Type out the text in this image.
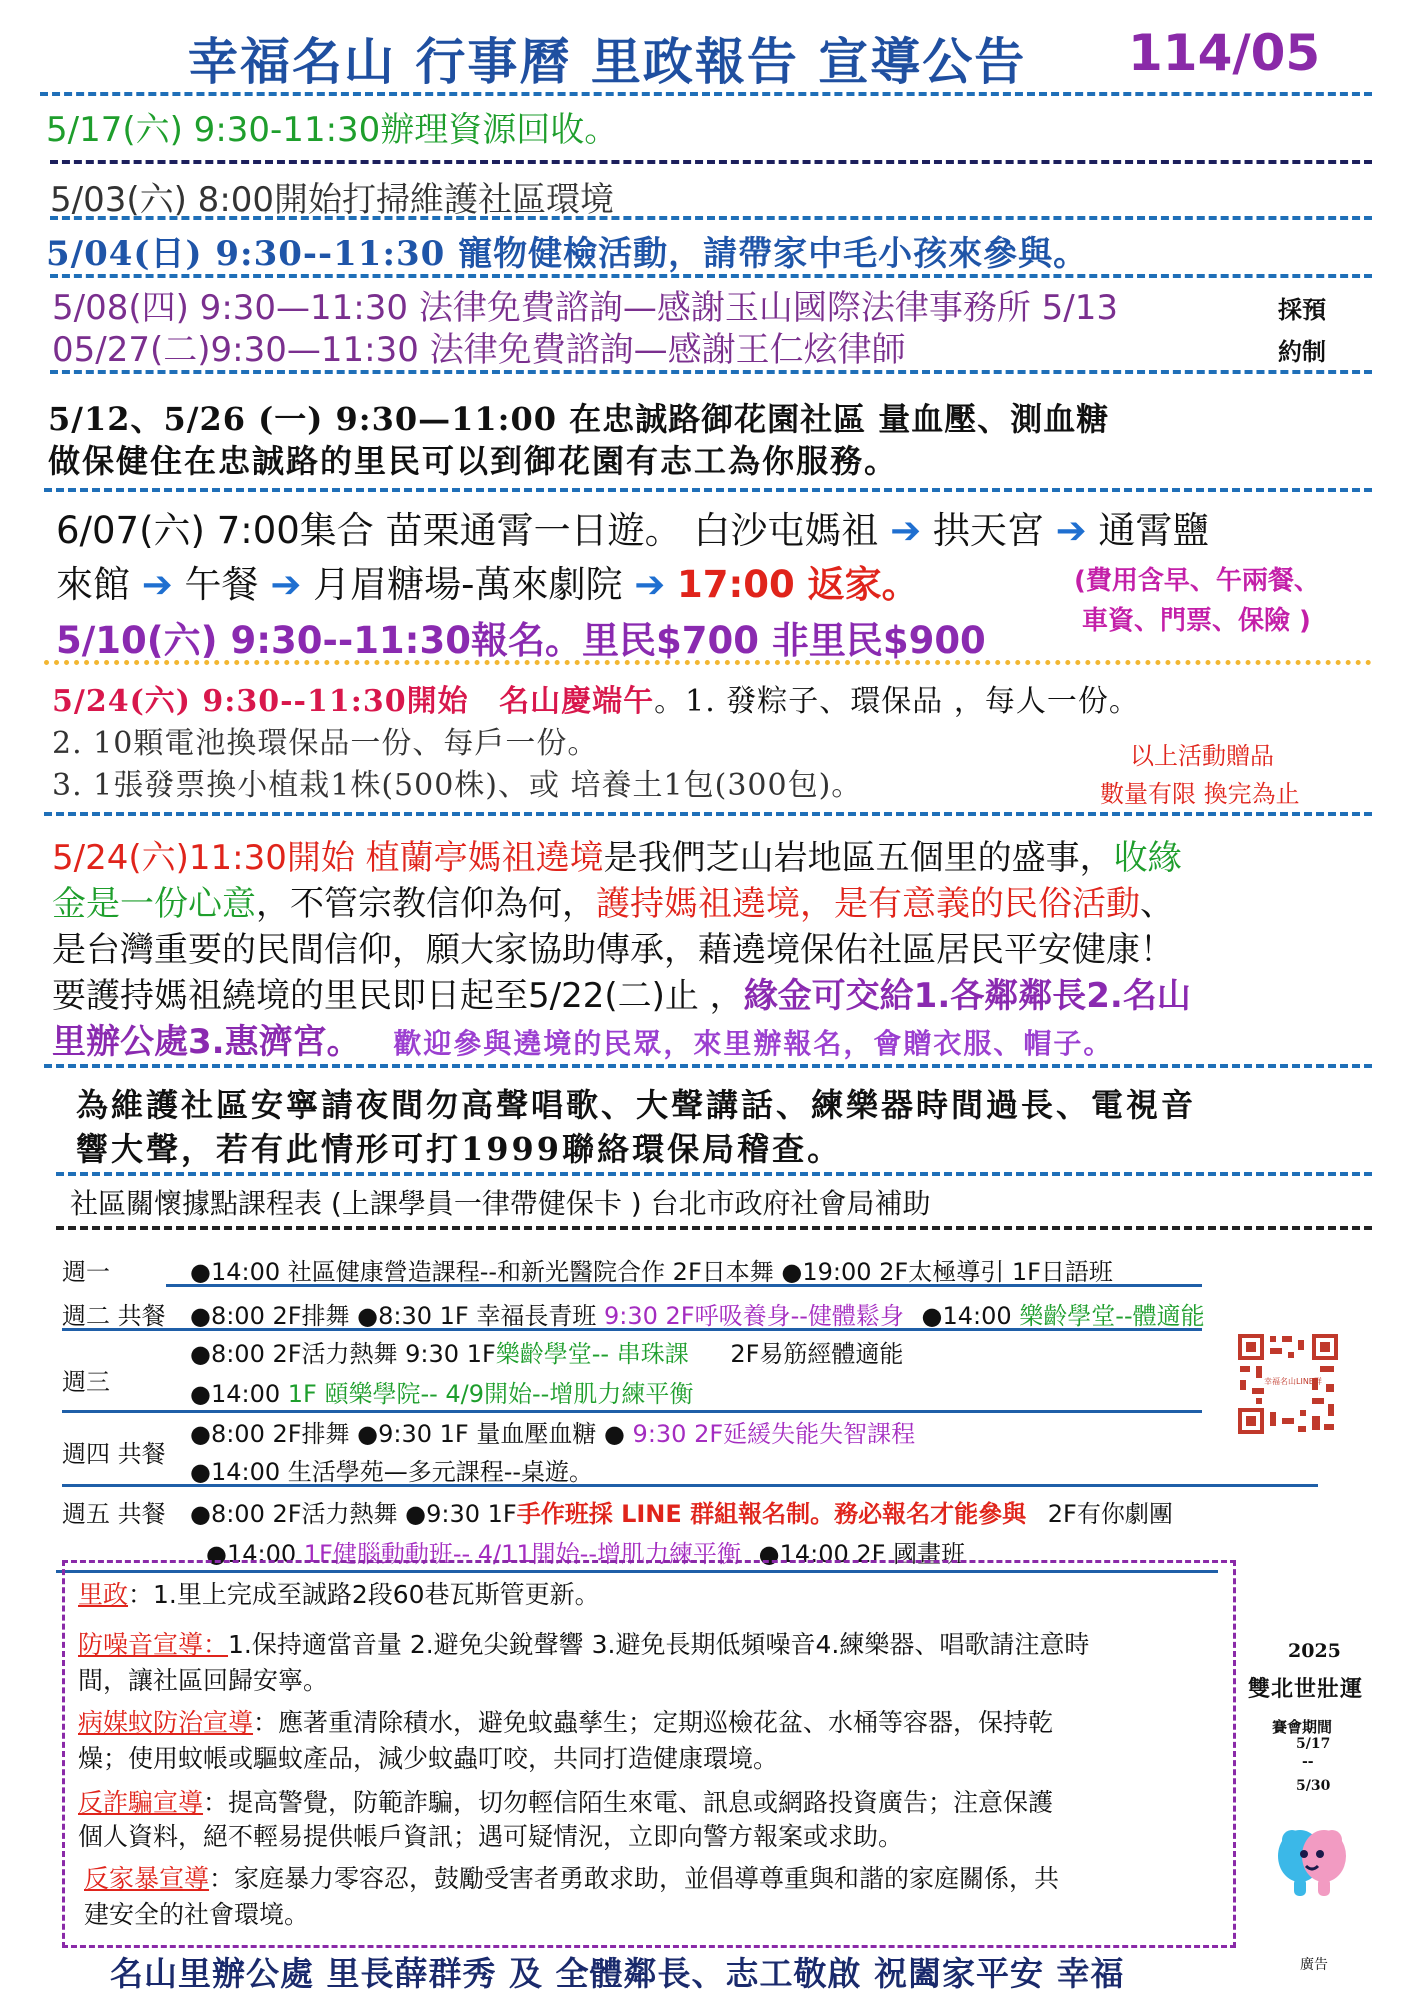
幸福名山 行事曆 里政報告 宣導公告 114/05
5/17(六) 9:30-11:30辦理資源回收。
5/03(六) 8:00開始打掃維護社區環境
5/04(日) 9:30--11:30 寵物健檢活動，請帶家中毛小孩來參與。
5/08(四) 9:30—11:30 法律免費諮詢—感謝玉山國際法律事務所 5/13
05/27(二)9:30—11:30 法律免費諮詢—感謝王仁炫律師
採預
約制
5/12、5/26 (一) 9:30—11:00 在忠誠路御花園社區 量血壓、測血糖
做保健住在忠誠路的里民可以到御花園有志工為你服務。
6/07(六) 7:00集合 苗栗通霄一日遊。 白沙屯媽祖 ➔ 拱天宮 ➔ 通霄鹽
來館 ➔ 午餐 ➔ 月眉糖場-萬來劇院 ➔ 17:00 返家。	(費用含早、午兩餐、
車資、門票、保險 )
5/10(六) 9:30--11:30報名。里民$700 非里民$900
5/24(六) 9:30--11:30開始 名山慶端午。1. 發粽子、環保品 ，每人一份。
2. 10顆電池換環保品一份、每戶一份。
3. 1張發票換小植栽1株(500株)、或 培養土1包(300包)。
以上活動贈品
數量有限 換完為止
5/24(六)11:30開始 植蘭亭媽祖遶境是我們芝山岩地區五個里的盛事，收緣
金是一份心意，不管宗教信仰為何，護持媽祖遶境，是有意義的民俗活動、
是台灣重要的民間信仰，願大家協助傳承，藉遶境保佑社區居民平安健康！
要護持媽祖繞境的里民即日起至5/22(二)止 ，緣金可交給1.各鄰鄰長2.名山
里辦公處3.惠濟宮。 歡迎參與遶境的民眾，來里辦報名，會贈衣服、帽子。
為維護社區安寧請夜間勿高聲唱歌、大聲講話、練樂器時間過長、電視音
響大聲，若有此情形可打1999聯絡環保局稽查。
社區關懷據點課程表 (上課學員一律帶健保卡 ) 台北市政府社會局補助
週一	●14:00 社區健康營造課程--和新光醫院合作 2F日本舞 ●19:00 2F太極導引 1F日語班
週二 共餐 ●8:00 2F排舞 ●8:30 1F 幸福長青班 9:30 2F呼吸養身--健體鬆身 ●14:00 樂齡學堂--體適能
週三
●8:00 2F活力熱舞 9:30 1F樂齡學堂-- 串珠課 2F易筋經體適能
●14:00 1F 頤樂學院-- 4/9開始--增肌力練平衡
週四 共餐
●8:00 2F排舞 ●9:30 1F 量血壓血糖 ● 9:30 2F延緩失能失智課程
●14:00 生活學苑—多元課程--桌遊。
週五 共餐 ●8:00 2F活力熱舞 ●9:30 1F手作班採 LINE 群組報名制。務必報名才能參與 2F有你劇團
●14:00 1F健腦動動班-- 4/11開始--增肌力練平衡 ●14:00 2F 國畫班
幸福名山LINE群
里政：1.里上完成至誠路2段60巷瓦斯管更新。
防噪音宣導：1.保持適當音量 2.避免尖銳聲響 3.避免長期低頻噪音4.練樂器、唱歌請注意時
間，讓社區回歸安寧。
病媒蚊防治宣導：應著重清除積水，避免蚊蟲孳生；定期巡檢花盆、水桶等容器，保持乾
燥；使用蚊帳或驅蚊產品，減少蚊蟲叮咬，共同打造健康環境。
反詐騙宣導：提高警覺，防範詐騙，切勿輕信陌生來電、訊息或網路投資廣告；注意保護
個人資料，絕不輕易提供帳戶資訊；遇可疑情況，立即向警方報案或求助。
反家暴宣導：家庭暴力零容忍，鼓勵受害者勇敢求助，並倡導尊重與和諧的家庭關係，共
建安全的社會環境。
2025
雙北世壯運
賽會期間
5/17
--
5/30
廣告
名山里辦公處 里長薛群秀 及 全體鄰長、志工敬啟 祝闔家平安 幸福
